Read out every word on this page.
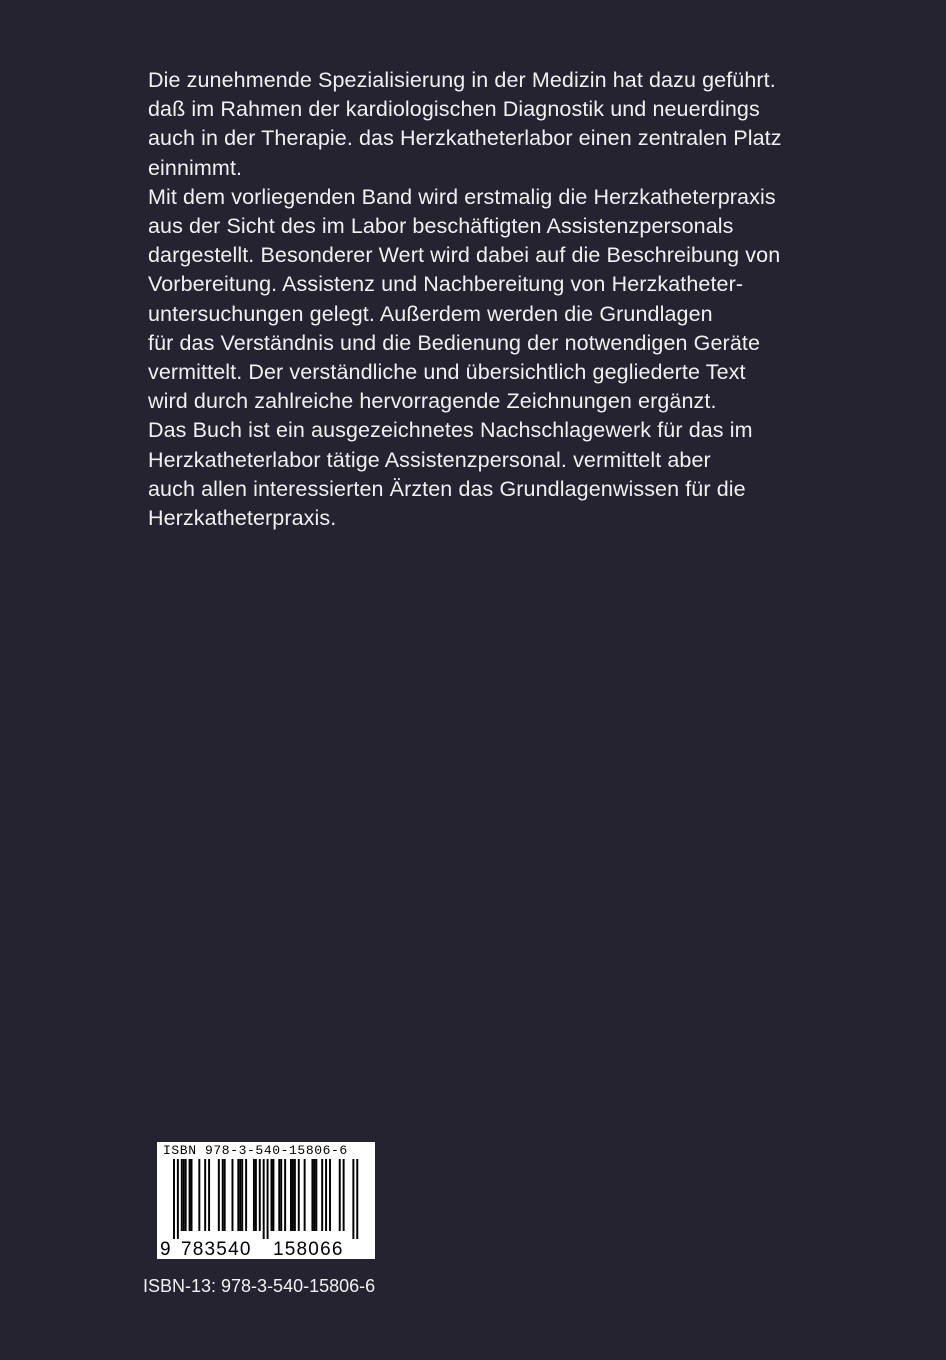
Die zunehmende Spezialisierung in der Medizin hat dazu geführt.
daß im Rahmen der kardiologischen Diagnostik und neuerdings
auch in der Therapie. das Herzkatheterlabor einen zentralen Platz
einnimmt.
Mit dem vorliegenden Band wird erstmalig die Herzkatheterpraxis
aus der Sicht des im Labor beschäftigten Assistenzpersonals
dargestellt. Besonderer Wert wird dabei auf die Beschreibung von
Vorbereitung. Assistenz und Nachbereitung von Herzkatheter-
untersuchungen gelegt. Außerdem werden die Grundlagen
für das Verständnis und die Bedienung der notwendigen Geräte
vermittelt. Der verständliche und übersichtlich gegliederte Text
wird durch zahlreiche hervorragende Zeichnungen ergänzt.
Das Buch ist ein ausgezeichnetes Nachschlagewerk für das im
Herzkatheterlabor tätige Assistenzpersonal. vermittelt aber
auch allen interessierten Ärzten das Grundlagenwissen für die
Herzkatheterpraxis.
9 783540 158066
ISBN 978-3-540-15806-6
ISBN-13: 978-3-540-15806-6
